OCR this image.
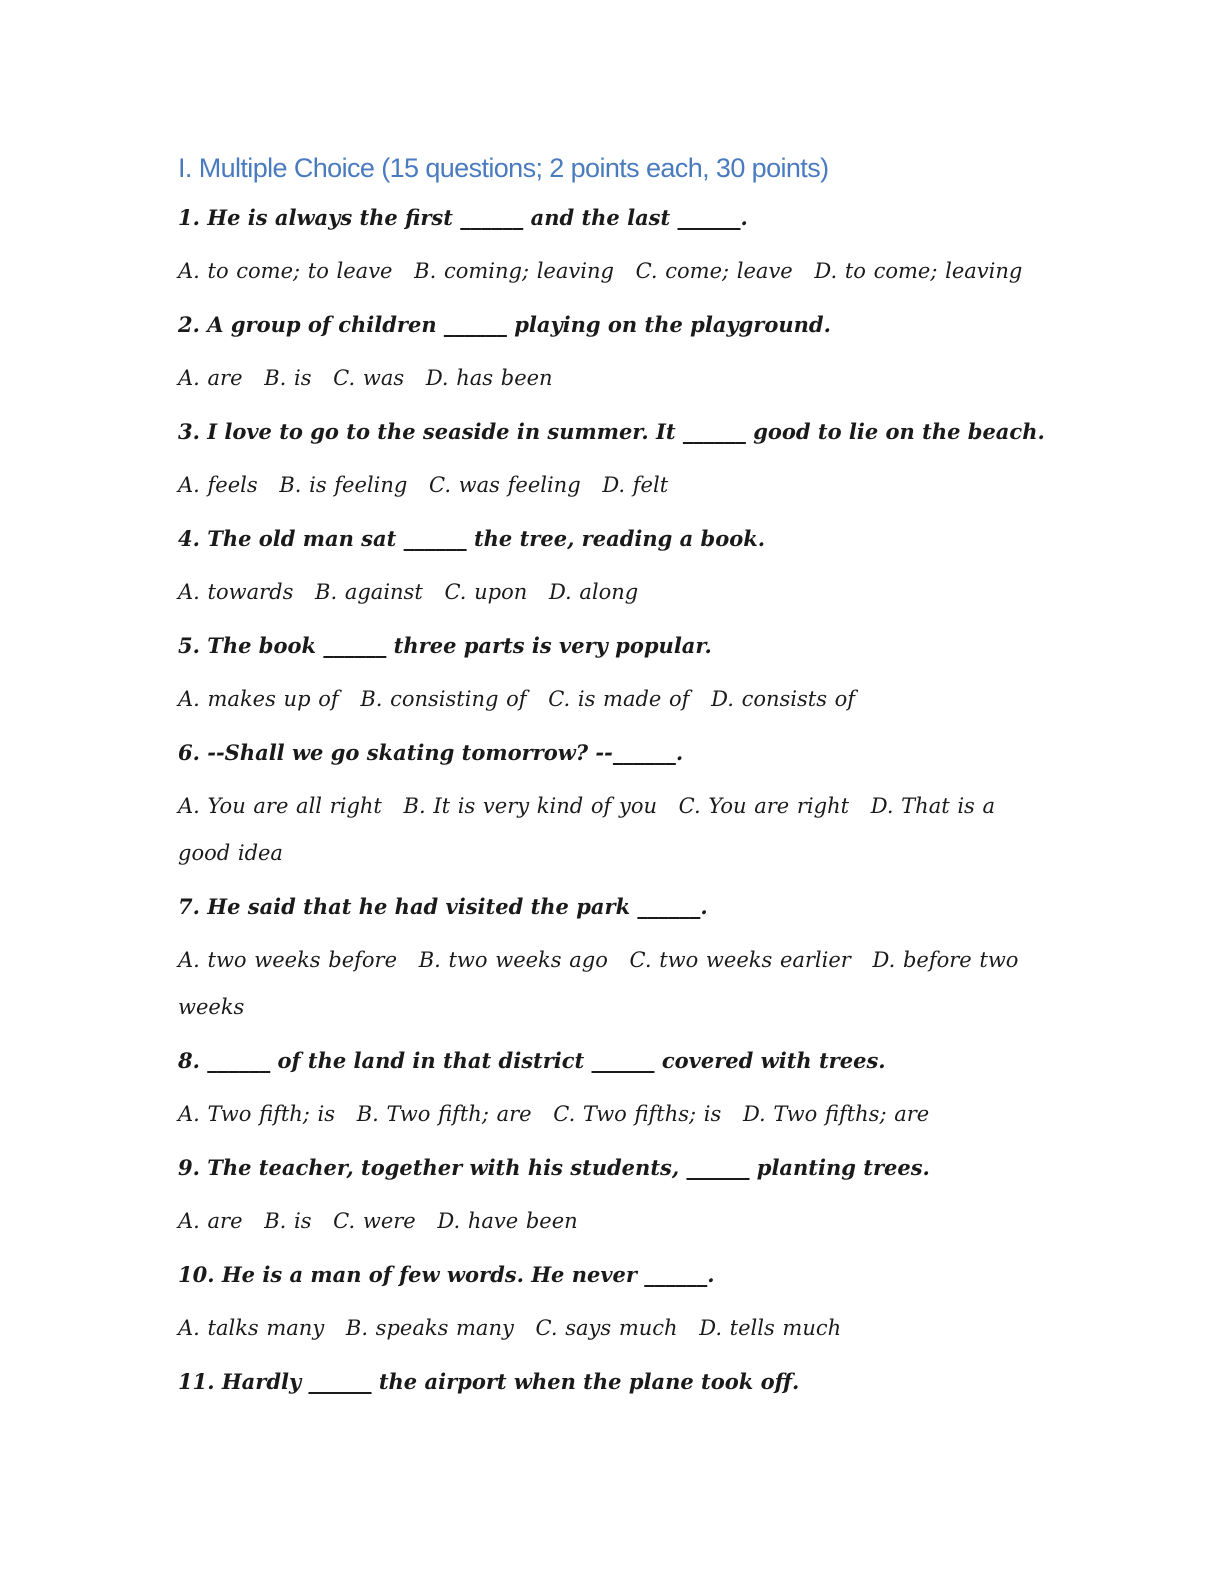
I. Multiple Choice (15 questions; 2 points each, 30 points)
1. He is always the first ______ and the last ______.
A. to come; to leave B. coming; leaving C. come; leave D. to come; leaving
2. A group of children ______ playing on the playground.
A. are B. is C. was D. has been
3. I love to go to the seaside in summer. It ______ good to lie on the beach.
A. feels B. is feeling C. was feeling D. felt
4. The old man sat ______ the tree, reading a book.
A. towards B. against C. upon D. along
5. The book ______ three parts is very popular.
A. makes up of B. consisting of C. is made of D. consists of
6. --Shall we go skating tomorrow? --______.
A. You are all right B. It is very kind of you C. You are right D. That is a good idea
7. He said that he had visited the park ______.
A. two weeks before B. two weeks ago C. two weeks earlier D. before two weeks
8. ______ of the land in that district ______ covered with trees.
A. Two fifth; is B. Two fifth; are C. Two fifths; is D. Two fifths; are
9. The teacher, together with his students, ______ planting trees.
A. are B. is C. were D. have been
10. He is a man of few words. He never ______.
A. talks many B. speaks many C. says much D. tells much
11. Hardly ______ the airport when the plane took off.
